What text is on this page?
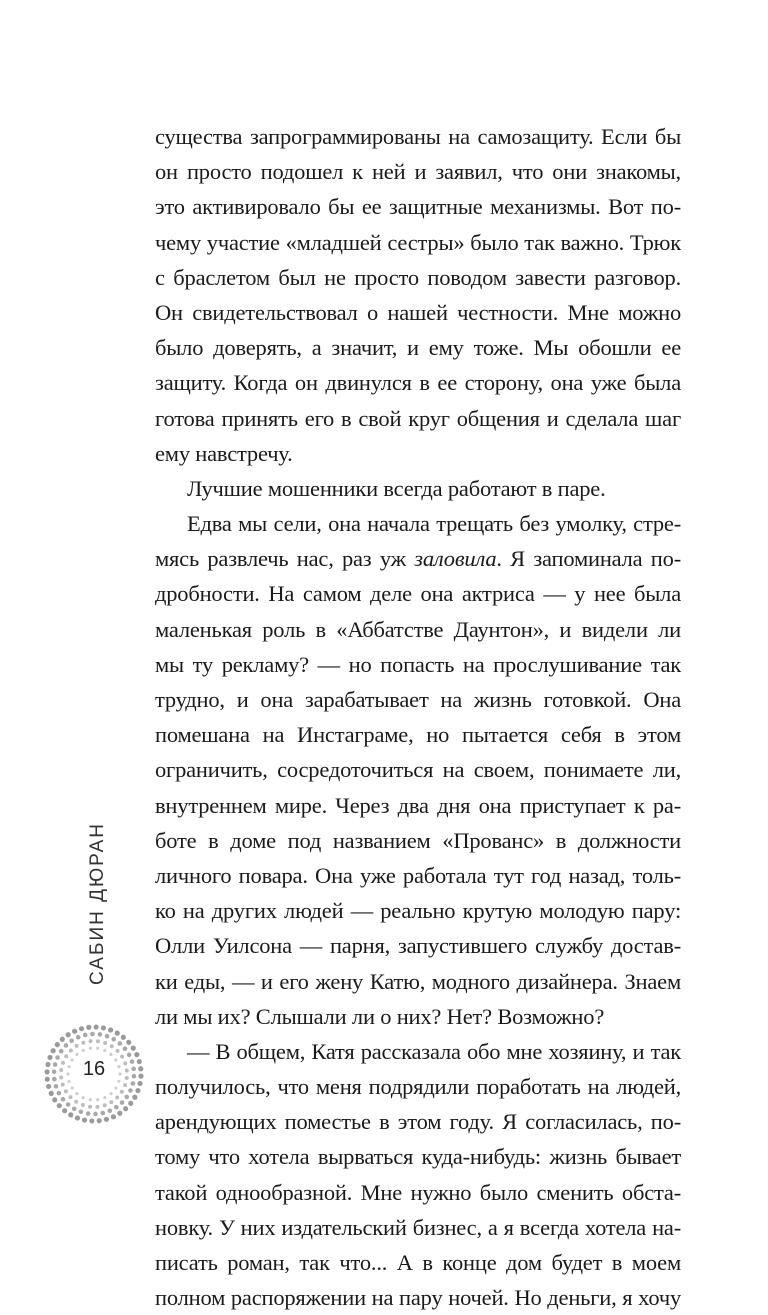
существа запрограммированы на самозащиту. Если бы
он просто подошел к ней и заявил, что они знакомы,
это активировало бы ее защитные механизмы. Вот по-
чему участие «младшей сестры» было так важно. Трюк
с браслетом был не просто поводом завести разговор.
Он свидетельствовал о нашей честности. Мне можно
было доверять, а значит, и ему тоже. Мы обошли ее
защиту. Когда он двинулся в ее сторону, она уже была
готова принять его в свой круг общения и сделала шаг
ему навстречу.
Лучшие мошенники всегда работают в паре.
Едва мы сели, она начала трещать без умолку, стре-
мясь развлечь нас, раз уж заловила. Я запоминала по-
дробности. На самом деле она актриса — у нее была
маленькая роль в «Аббатстве Даунтон», и видели ли
мы ту рекламу? — но попасть на прослушивание так
трудно, и она зарабатывает на жизнь готовкой. Она
помешана на Инстаграме, но пытается себя в этом
ограничить, сосредоточиться на своем, понимаете ли,
внутреннем мире. Через два дня она приступает к ра-
боте в доме под названием «Прованс» в должности
личного повара. Она уже работала тут год назад, толь-
ко на других людей — реально крутую молодую пару:
Олли Уилсона — парня, запустившего службу достав-
ки еды, — и его жену Катю, модного дизайнера. Знаем
ли мы их? Слышали ли о них? Нет? Возможно?
— В общем, Катя рассказала обо мне хозяину, и так
получилось, что меня подрядили поработать на людей,
арендующих поместье в этом году. Я согласилась, по-
тому что хотела вырваться куда-нибудь: жизнь бывает
такой однообразной. Мне нужно было сменить обста-
новку. У них издательский бизнес, а я всегда хотела на-
писать роман, так что... А в конце дом будет в моем
полном распоряжении на пару ночей. Но деньги, я хочу
САБИН ДЮРАН
16
